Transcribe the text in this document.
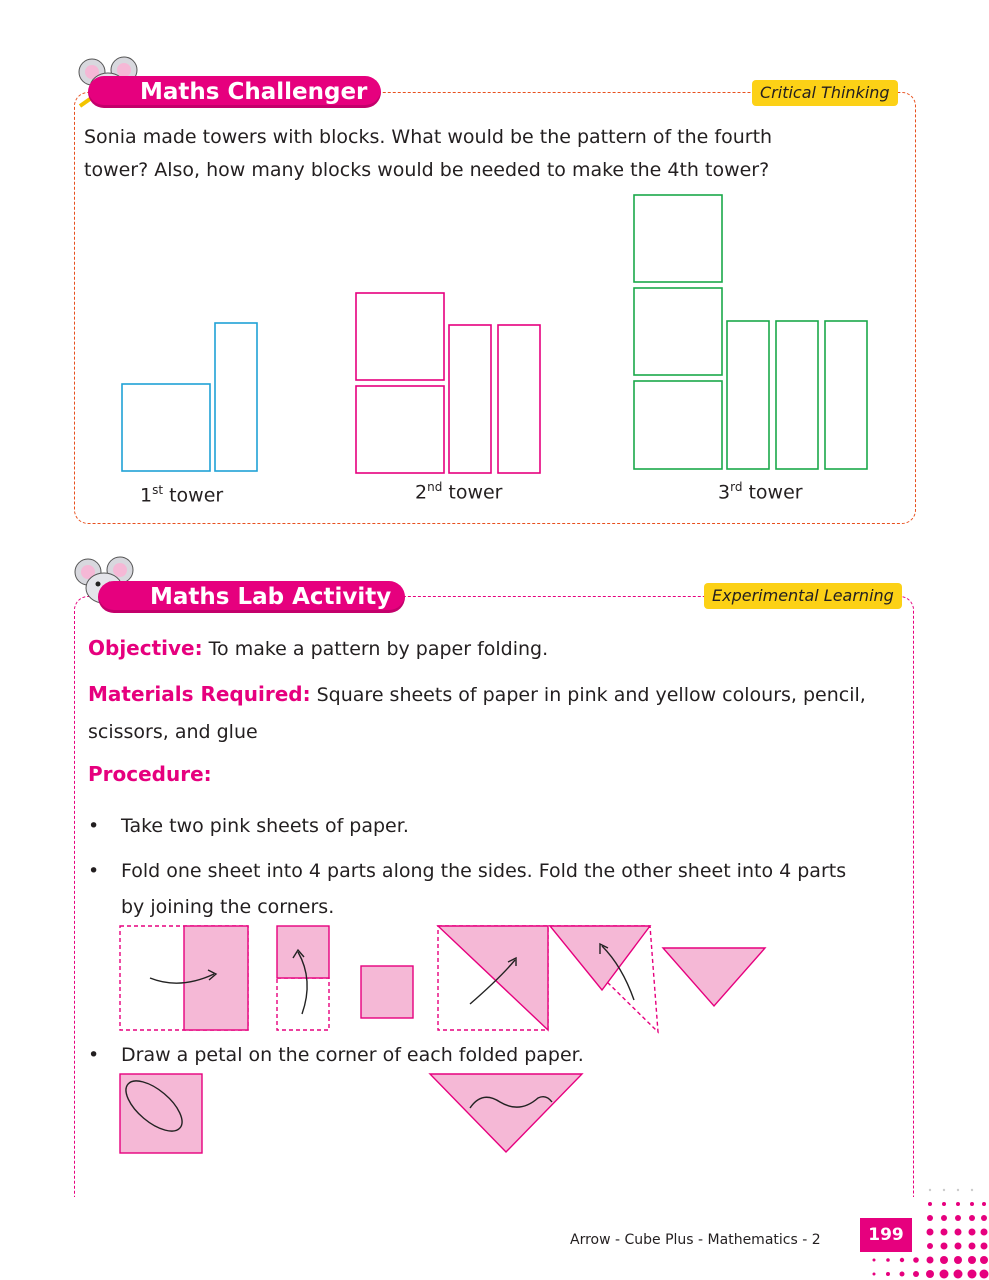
Maths Challenger	Critical Thinking
Sonia made towers with blocks. What would be the pattern of the fourth
tower? Also, how many blocks would be needed to make the 4th tower?
1st tower	2nd tower	3rd tower
Maths Lab Activity	Experimental Learning
Objective: To make a pattern by paper folding.
Materials Required: Square sheets of paper in pink and yellow colours, pencil,
scissors, and glue
Procedure:
• Take two pink sheets of paper.
• Fold one sheet into 4 parts along the sides. Fold the other sheet into 4 parts
by joining the corners.
• Draw a petal on the corner of each folded paper.
Arrow - Cube Plus - Mathematics - 2	199
